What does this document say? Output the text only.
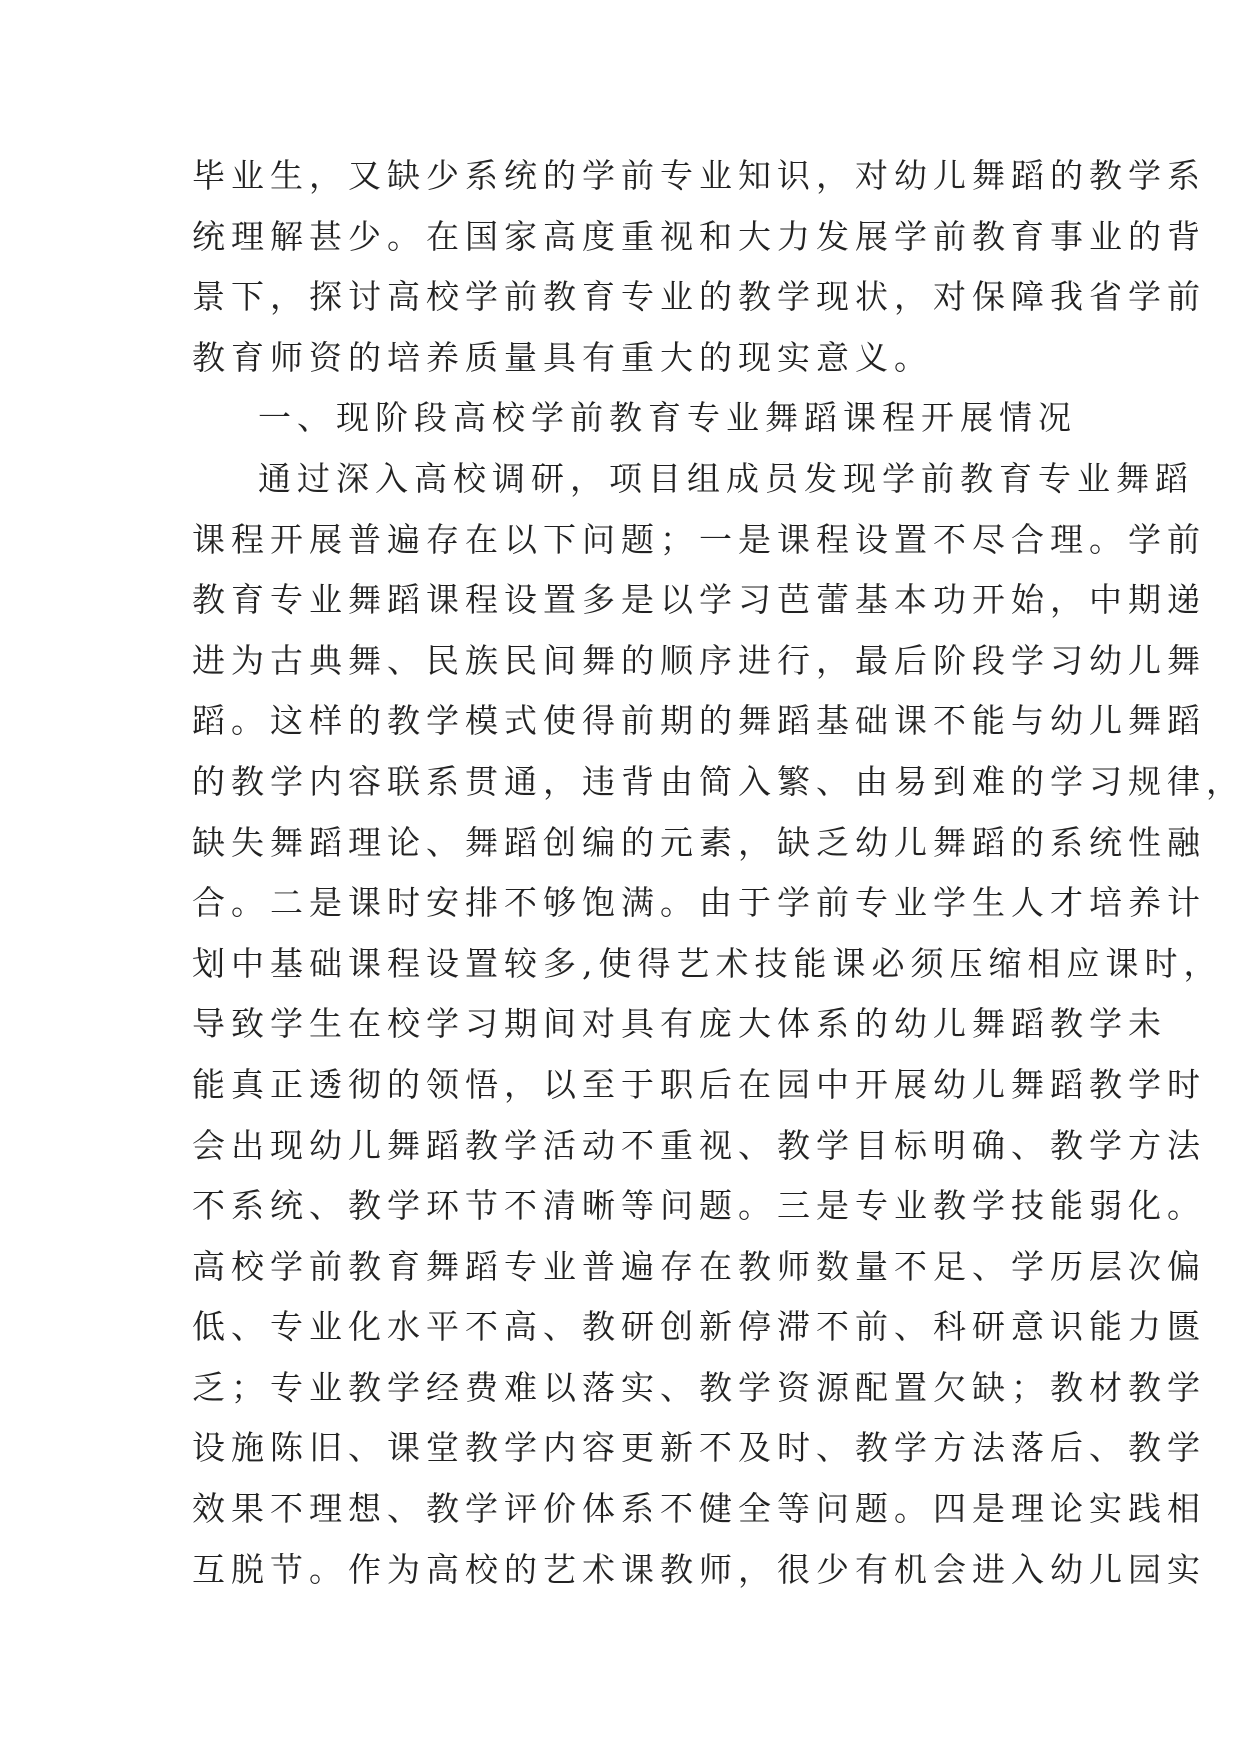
毕业生，又缺少系统的学前专业知识，对幼儿舞蹈的教学系
统理解甚少。在国家高度重视和大力发展学前教育事业的背
景下，探讨高校学前教育专业的教学现状，对保障我省学前
教育师资的培养质量具有重大的现实意义。
一、现阶段高校学前教育专业舞蹈课程开展情况
通过深入高校调研，项目组成员发现学前教育专业舞蹈
课程开展普遍存在以下问题；一是课程设置不尽合理。学前
教育专业舞蹈课程设置多是以学习芭蕾基本功开始，中期递
进为古典舞、民族民间舞的顺序进行，最后阶段学习幼儿舞
蹈。这样的教学模式使得前期的舞蹈基础课不能与幼儿舞蹈
的教学内容联系贯通，违背由简入繁、由易到难的学习规律，
缺失舞蹈理论、舞蹈创编的元素，缺乏幼儿舞蹈的系统性融
合。二是课时安排不够饱满。由于学前专业学生人才培养计
划中基础课程设置较多,使得艺术技能课必须压缩相应课时，
导致学生在校学习期间对具有庞大体系的幼儿舞蹈教学未
能真正透彻的领悟，以至于职后在园中开展幼儿舞蹈教学时
会出现幼儿舞蹈教学活动不重视、教学目标明确、教学方法
不系统、教学环节不清晰等问题。三是专业教学技能弱化。
高校学前教育舞蹈专业普遍存在教师数量不足、学历层次偏
低、专业化水平不高、教研创新停滞不前、科研意识能力匮
乏；专业教学经费难以落实、教学资源配置欠缺；教材教学
设施陈旧、课堂教学内容更新不及时、教学方法落后、教学
效果不理想、教学评价体系不健全等问题。四是理论实践相
互脱节。作为高校的艺术课教师，很少有机会进入幼儿园实
